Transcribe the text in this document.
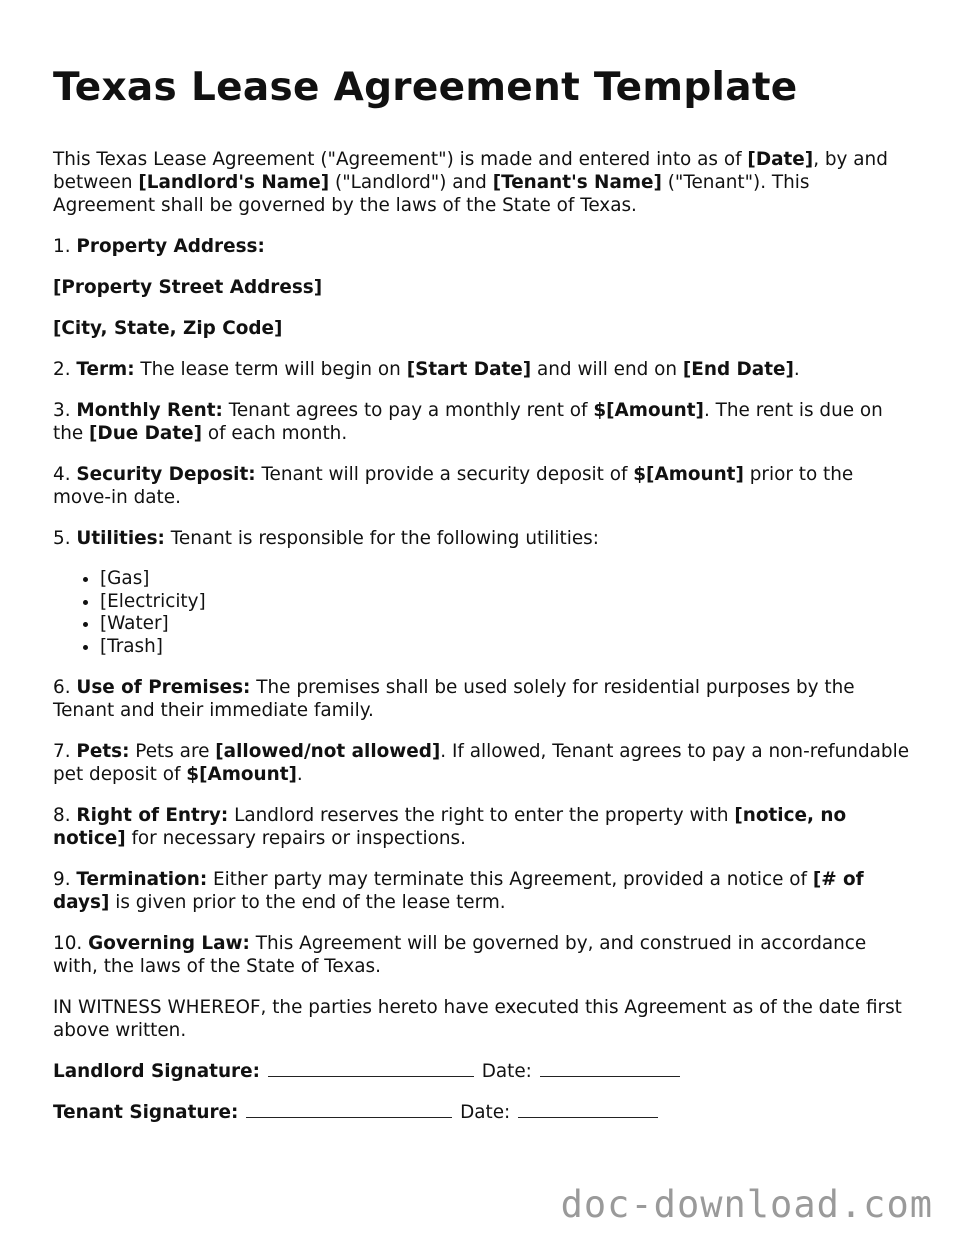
Texas Lease Agreement Template

This Texas Lease Agreement ("Agreement") is made and entered into as of [Date], by and between [Landlord's Name] ("Landlord") and [Tenant's Name] ("Tenant"). This Agreement shall be governed by the laws of the State of Texas.

1. Property Address:

[Property Street Address]

[City, State, Zip Code]

2. Term: The lease term will begin on [Start Date] and will end on [End Date].

3. Monthly Rent: Tenant agrees to pay a monthly rent of $[Amount]. The rent is due on the [Due Date] of each month.

4. Security Deposit: Tenant will provide a security deposit of $[Amount] prior to the move-in date.

5. Utilities: Tenant is responsible for the following utilities:

• [Gas]
• [Electricity]
• [Water]
• [Trash]

6. Use of Premises: The premises shall be used solely for residential purposes by the Tenant and their immediate family.

7. Pets: Pets are [allowed/not allowed]. If allowed, Tenant agrees to pay a non-refundable pet deposit of $[Amount].

8. Right of Entry: Landlord reserves the right to enter the property with [notice, no notice] for necessary repairs or inspections.

9. Termination: Either party may terminate this Agreement, provided a notice of [# of days] is given prior to the end of the lease term.

10. Governing Law: This Agreement will be governed by, and construed in accordance with, the laws of the State of Texas.

IN WITNESS WHEREOF, the parties hereto have executed this Agreement as of the date first above written.

Landlord Signature:	Date:

Tenant Signature:	Date:

doc-download.com
